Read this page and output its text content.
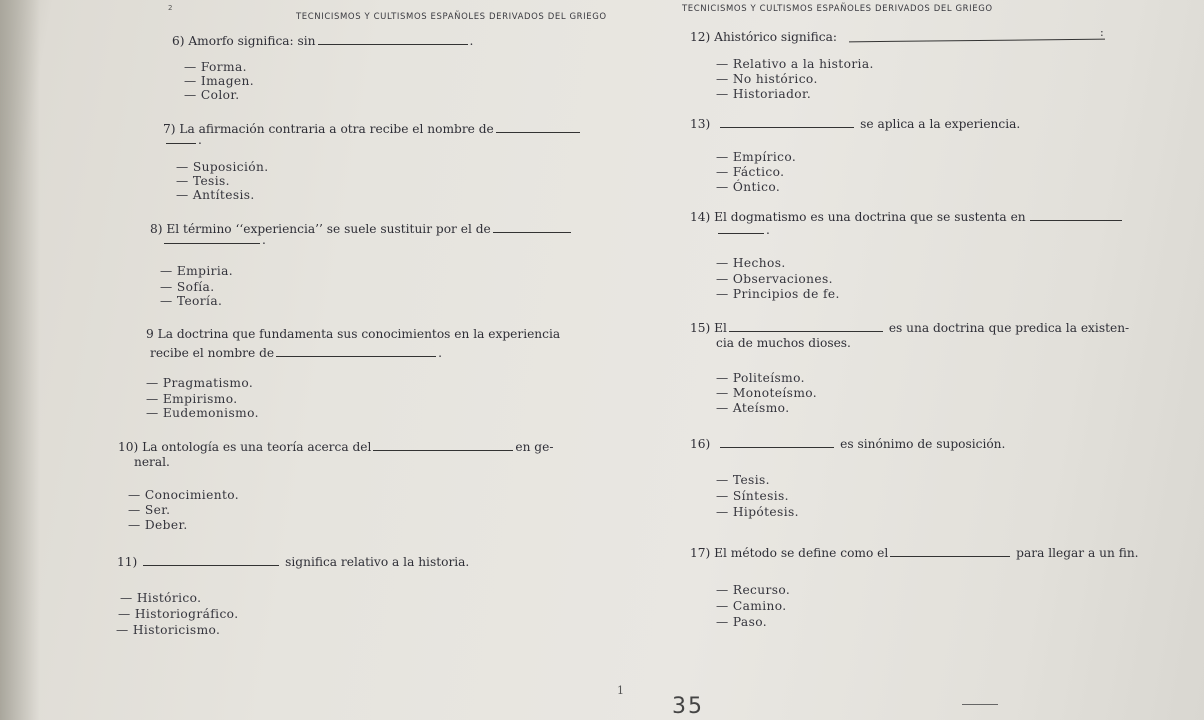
2
TECNICISMOS Y CULTISMOS ESPAÑOLES DERIVADOS DEL GRIEGO
TECNICISMOS Y CULTISMOS ESPAÑOLES DERIVADOS DEL GRIEGO
:
6) Amorfo significa: sin	.
— Forma.
— Imagen.
— Color.
7) La afirmación contraria a otra recibe el nombre de
.
— Suposición.
— Tesis.
— Antítesis.
8) El término ‘‘experiencia’’ se suele sustituir por el de
.
— Empiria.
— Sofía.
— Teoría.
9 La doctrina que fundamenta sus conocimientos en la experiencia
recibe el nombre de	.
— Pragmatismo.
— Empirismo.
— Eudemonismo.
10) La ontología es una teoría acerca del	en ge-
neral.
— Conocimiento.
— Ser.
— Deber.
11)	significa relativo a la historia.
— Histórico.
— Historiográfico.
— Historicismo.
12) Ahistórico significa:
— Relativo a la historia.
— No histórico.
— Historiador.
13)	se aplica a la experiencia.
— Empírico.
— Fáctico.
— Óntico.
14) El dogmatismo es una doctrina que se sustenta en
.
— Hechos.
— Observaciones.
— Principios de fe.
15) El	es una doctrina que predica la existen-
cia de muchos dioses.
— Politeísmo.
— Monoteísmo.
— Ateísmo.
16)	es sinónimo de suposición.
— Tesis.
— Síntesis.
— Hipótesis.
17) El método se define como el	para llegar a un fin.
— Recurso.
— Camino.
— Paso.
1
35
